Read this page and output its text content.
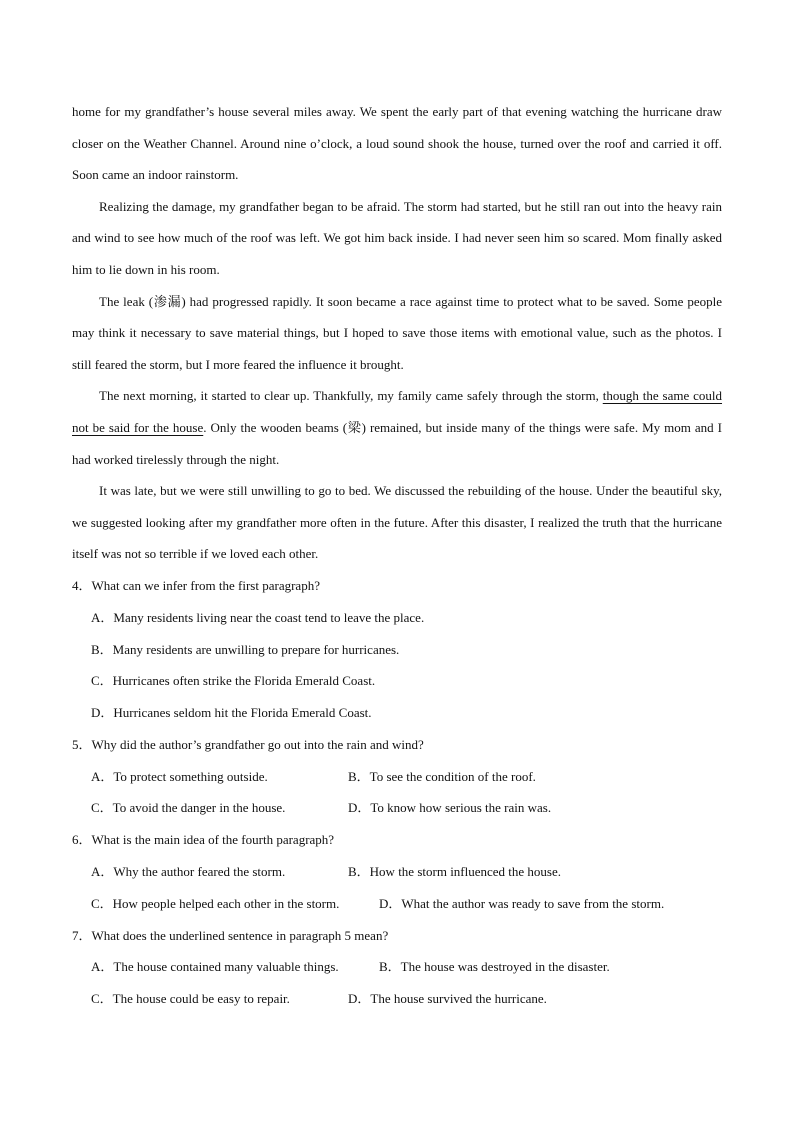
home for my grandfather’s house several miles away. We spent the early part of that evening watching the hurricane draw closer on the Weather Channel. Around nine o’clock, a loud sound shook the house, turned over the roof and carried it off. Soon came an indoor rainstorm.

Realizing the damage, my grandfather began to be afraid. The storm had started, but he still ran out into the heavy rain and wind to see how much of the roof was left. We got him back inside. I had never seen him so scared. Mom finally asked him to lie down in his room.

The leak (渗漏) had progressed rapidly. It soon became a race against time to protect what to be saved. Some people may think it necessary to save material things, but I hoped to save those items with emotional value, such as the photos. I still feared the storm, but I more feared the influence it brought.

The next morning, it started to clear up. Thankfully, my family came safely through the storm, though the same could not be said for the house. Only the wooden beams (梁) remained, but inside many of the things were safe. My mom and I had worked tirelessly through the night.

It was late, but we were still unwilling to go to bed. We discussed the rebuilding of the house. Under the beautiful sky, we suggested looking after my grandfather more often in the future. After this disaster, I realized the truth that the hurricane itself was not so terrible if we loved each other.

4．What can we infer from the first paragraph?

A．Many residents living near the coast tend to leave the place.
B．Many residents are unwilling to prepare for hurricanes.
C．Hurricanes often strike the Florida Emerald Coast.
D．Hurricanes seldom hit the Florida Emerald Coast.

5．Why did the author’s grandfather go out into the rain and wind?

A．To protect something outside.	B．To see the condition of the roof.
C．To avoid the danger in the house.	D．To know how serious the rain was.

6．What is the main idea of the fourth paragraph?

A．Why the author feared the storm.	B．How the storm influenced the house.
C．How people helped each other in the storm.	D．What the author was ready to save from the storm.

7．What does the underlined sentence in paragraph 5 mean?

A．The house contained many valuable things.	B．The house was destroyed in the disaster.
C．The house could be easy to repair.	D．The house survived the hurricane.
